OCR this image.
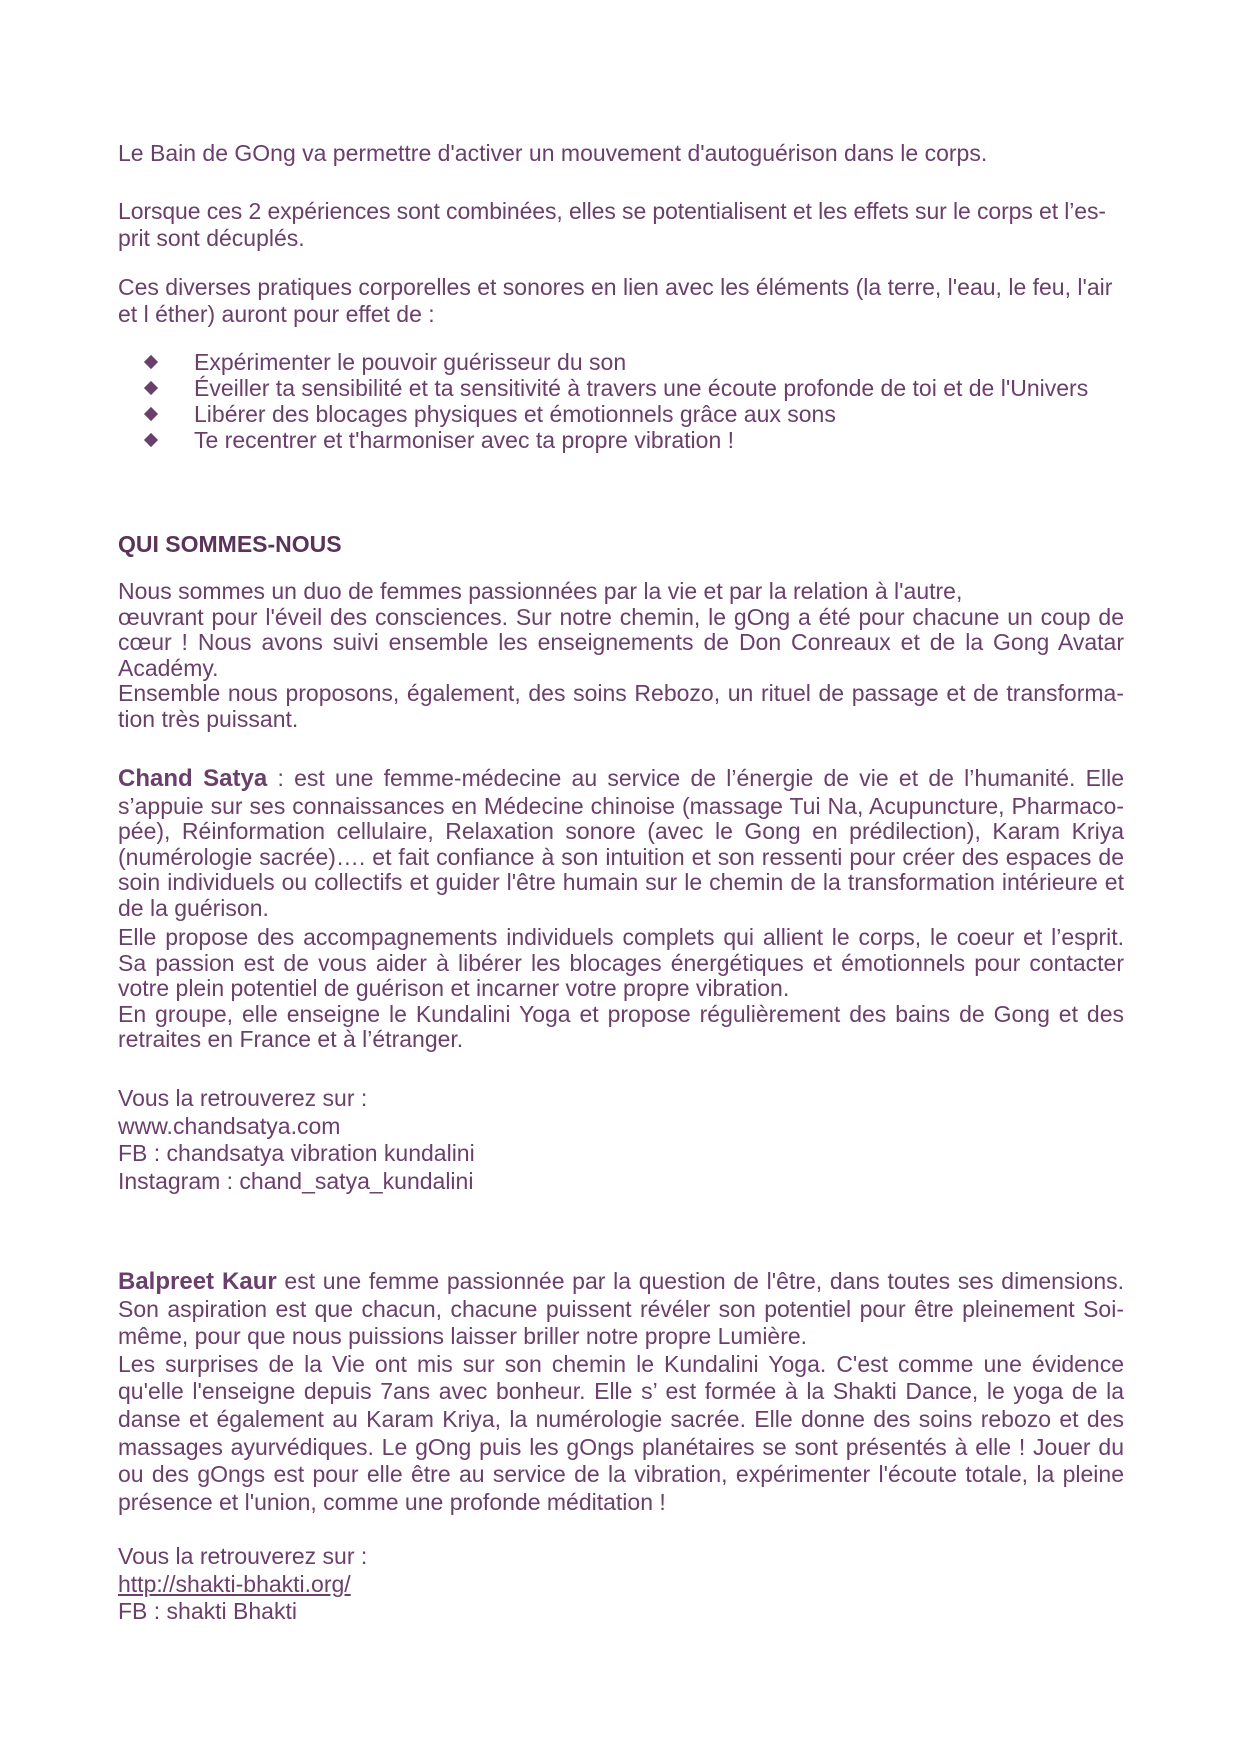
Le Bain de GOng va permettre d'activer un mouvement d'autoguérison dans le corps.

Lorsque ces 2 expériences sont combinées, elles se potentialisent et les effets sur le corps et l’es-

prit sont décuplés.

Ces diverses pratiques corporelles et sonores en lien avec les éléments (la terre, l'eau, le feu, l'air

et l éther) auront pour effet de :

Expérimenter le pouvoir guérisseur du son
Éveiller ta sensibilité et ta sensitivité à travers une écoute profonde de toi et de l'Univers
Libérer des blocages physiques et émotionnels grâce aux sons
Te recentrer et t'harmoniser avec ta propre vibration !

QUI SOMMES-NOUS

Nous sommes un duo de femmes passionnées par la vie et par la relation à l'autre,

œuvrant pour l'éveil des consciences. Sur notre chemin, le gOng a été pour chacune un coup de

cœur ! Nous avons suivi ensemble les enseignements de Don Conreaux et de la Gong Avatar

Académy.

Ensemble nous proposons, également, des soins Rebozo, un rituel de passage et de transforma-

tion très puissant.

Chand Satya : est une femme-médecine au service de l’énergie de vie et de l’humanité. Elle

s’appuie sur ses connaissances en Médecine chinoise (massage Tui Na, Acupuncture, Pharmaco-

pée), Réinformation cellulaire, Relaxation sonore (avec le Gong en prédilection), Karam Kriya

(numérologie sacrée)…. et fait confiance à son intuition et son ressenti pour créer des espaces de

soin individuels ou collectifs et guider l'être humain sur le chemin de la transformation intérieure et

de la guérison.

Elle propose des accompagnements individuels complets qui allient le corps, le coeur et l’esprit.

Sa passion est de vous aider à libérer les blocages énergétiques et émotionnels pour contacter

votre plein potentiel de guérison et incarner votre propre vibration.

En groupe, elle enseigne le Kundalini Yoga et propose régulièrement des bains de Gong et des

retraites en France et à l’étranger.

Vous la retrouverez sur :

www.chandsatya.com

FB : chandsatya vibration kundalini

Instagram : chand_satya_kundalini

Balpreet Kaur est une femme passionnée par la question de l'être, dans toutes ses dimensions.

Son aspiration est que chacun, chacune puissent révéler son potentiel pour être pleinement Soi-

même, pour que nous puissions laisser briller notre propre Lumière.

Les surprises de la Vie ont mis sur son chemin le Kundalini Yoga. C'est comme une évidence

qu'elle l'enseigne depuis 7ans avec bonheur. Elle s’ est formée à la Shakti Dance, le yoga de la

danse et également au Karam Kriya, la numérologie sacrée. Elle donne des soins rebozo et des

massages ayurvédiques. Le gOng puis les gOngs planétaires se sont présentés à elle ! Jouer du

ou des gOngs est pour elle être au service de la vibration, expérimenter l'écoute totale, la pleine

présence et l'union, comme une profonde méditation !

Vous la retrouverez sur :

http://shakti-bhakti.org/

FB : shakti Bhakti
